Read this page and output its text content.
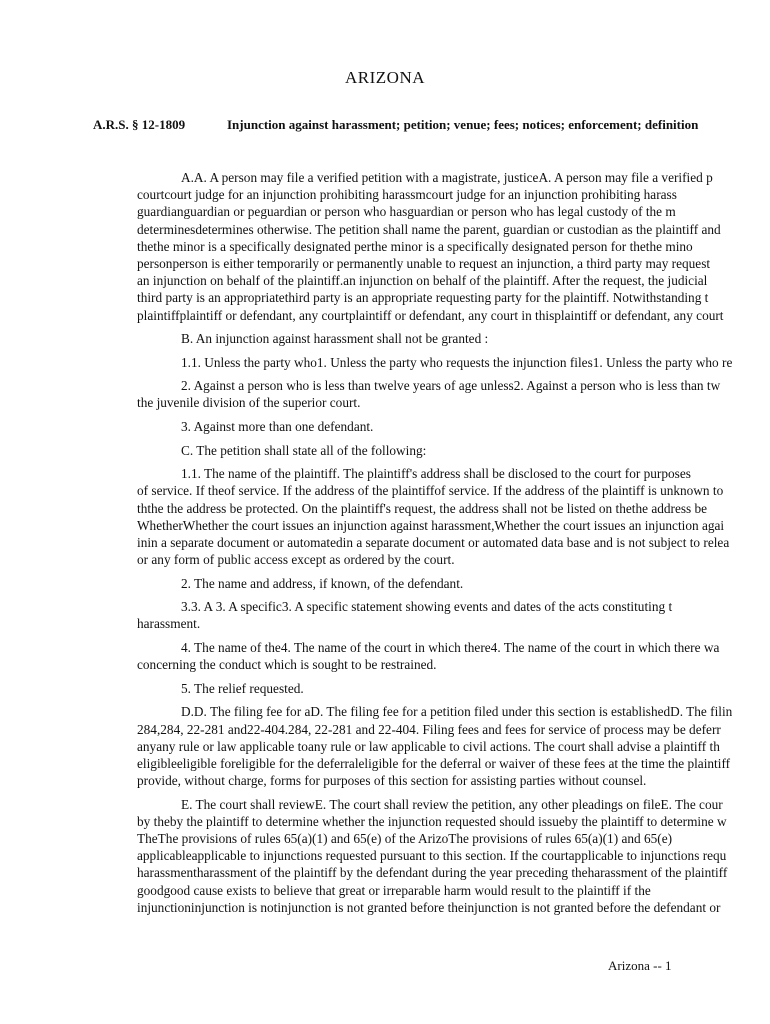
ARIZONA
A.R.S. § 12-1809	Injunction against harassment; petition; venue; fees; notices; enforcement; definition
A.A. A person may file a verified petition with a magistrate, justiceA. A person may file a verified p
courtcourt judge for an injunction prohibiting harassmcourt judge for an injunction prohibiting harass
guardianguardian or peguardian or person who hasguardian or person who has legal custody of the m
determinesdetermines otherwise. The petition shall name the parent, guardian or custodian as the plaintiff and
thethe minor is a specifically designated perthe minor is a specifically designated person for thethe mino
personperson is either temporarily or permanently unable to request an injunction, a third party may request
an injunction on behalf of the plaintiff.an injunction on behalf of the plaintiff. After the request, the judicial
third party is an appropriatethird party is an appropriate requesting party for the plaintiff. Notwithstanding t
plaintiffplaintiff or defendant, any courtplaintiff or defendant, any court in thisplaintiff or defendant, any court
B. An injunction against harassment shall not be granted :
1.1. Unless the party who1. Unless the party who requests the injunction files1. Unless the party who re
2. Against a person who is less than twelve years of age unless2. Against a person who is less than tw
the juvenile division of the superior court.
3. Against more than one defendant.
C. The petition shall state all of the following:
1.1. The name of the plaintiff. The plaintiff's address shall be disclosed to the court for purposes
of service. If theof service. If the address of the plaintiffof service. If the address of the plaintiff is unknown to
ththe the address be protected. On the plaintiff's request, the address shall not be listed on thethe address be
WhetherWhether the court issues an injunction against harassment,Whether the court issues an injunction agai
inin a separate document or automatedin a separate document or automated data base and is not subject to relea
or any form of public access except as ordered by the court.
2. The name and address, if known, of the defendant.
3.3. A 3. A specific3. A specific statement showing events and dates of the acts constituting t
harassment.
4. The name of the4. The name of the court in which there4. The name of the court in which there wa
concerning the conduct which is sought to be restrained.
5. The relief requested.
D.D. The filing fee for aD. The filing fee for a petition filed under this section is establishedD. The filin
284,284, 22-281 and22-404.284, 22-281 and 22-404. Filing fees and fees for service of process may be deferr
anyany rule or law applicable toany rule or law applicable to civil actions. The court shall advise a plaintiff th
eligibleeligible foreligible for the deferraleligible for the deferral or waiver of these fees at the time the plaintiff
provide, without charge, forms for purposes of this section for assisting parties without counsel.
E. The court shall reviewE. The court shall review the petition, any other pleadings on fileE. The cour
by theby the plaintiff to determine whether the injunction requested should issueby the plaintiff to determine w
TheThe provisions of rules 65(a)(1) and 65(e) of the ArizoThe provisions of rules 65(a)(1) and 65(e)
applicableapplicable to injunctions requested pursuant to this section. If the courtapplicable to injunctions requ
harassmentharassment of the plaintiff by the defendant during the year preceding theharassment of the plaintiff
goodgood cause exists to believe that great or irreparable harm would result to the plaintiff if the
injunctioninjunction is notinjunction is not granted before theinjunction is not granted before the defendant or
Arizona -- 1
